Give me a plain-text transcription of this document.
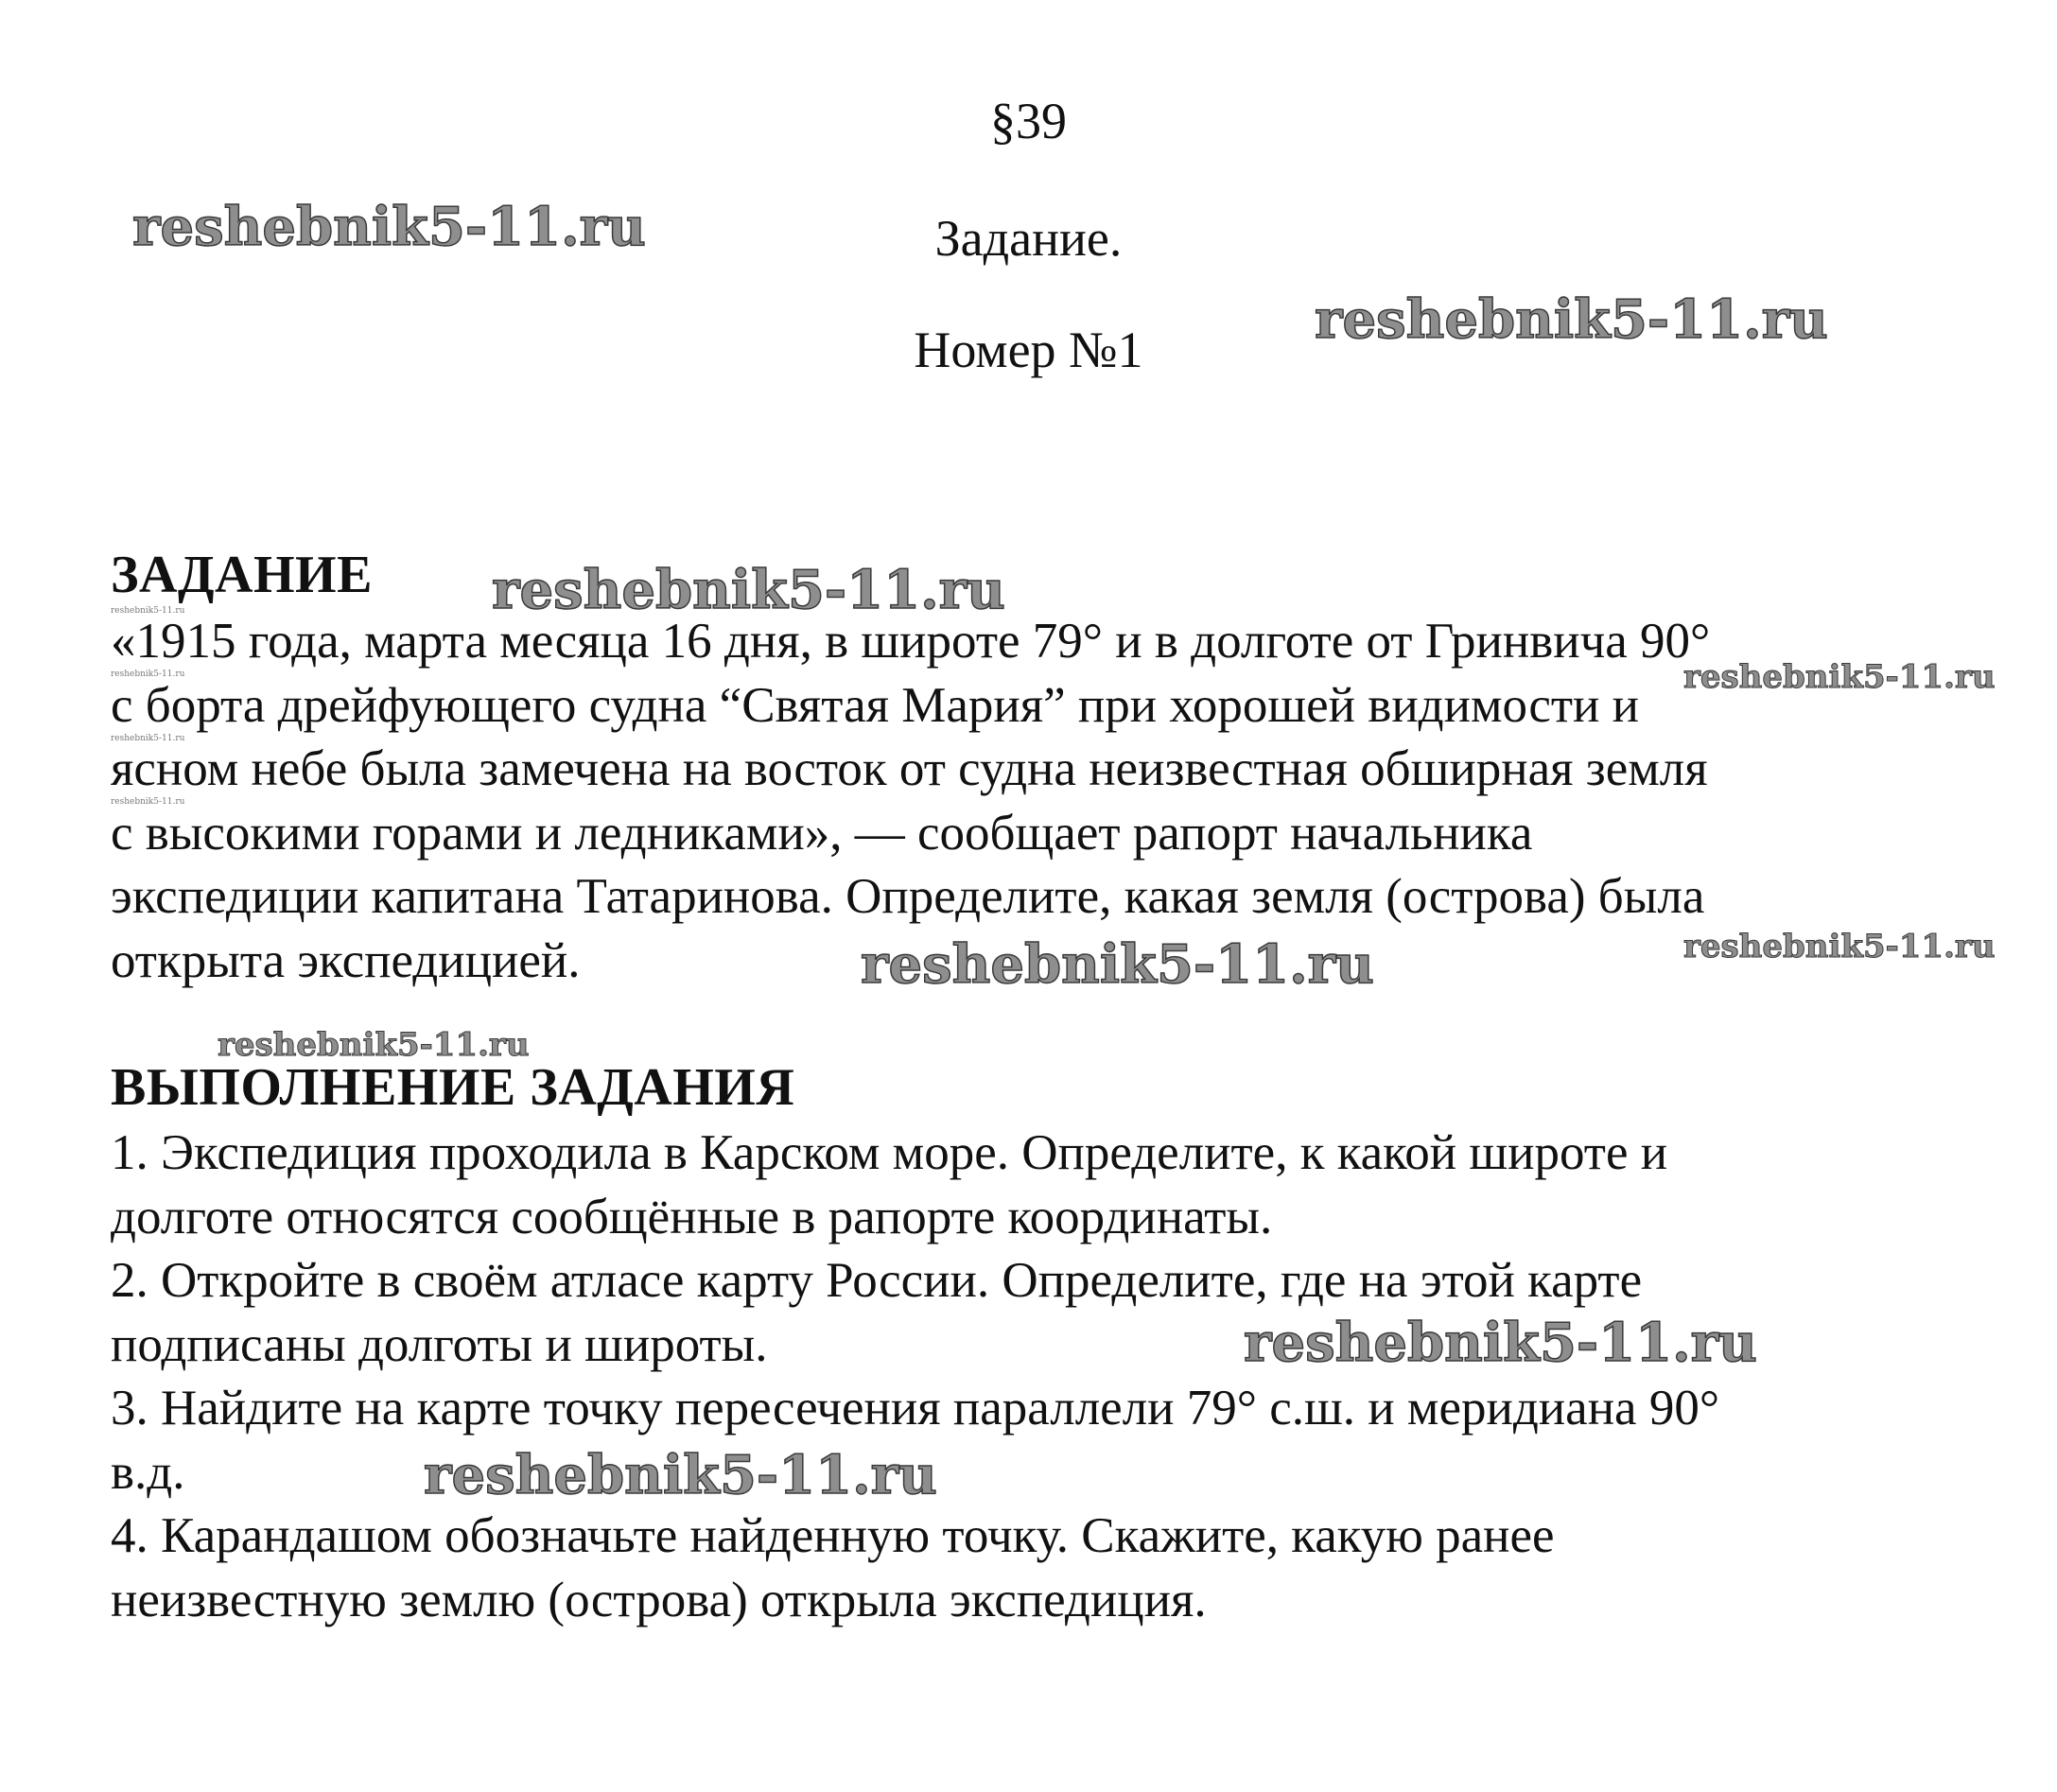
§39
Задание.
Номер №1
ЗАДАНИЕ
«1915 года, марта месяца 16 дня, в широте 79° и в долготе от Гринвича 90°
с борта дрейфующего судна “Святая Мария” при хорошей видимости и
ясном небе была замечена на восток от судна неизвестная обширная земля
с высокими горами и ледниками», — сообщает рапорт начальника
экспедиции капитана Татаринова. Определите, какая земля (острова) была
открыта экспедицией.
ВЫПОЛНЕНИЕ ЗАДАНИЯ
1. Экспедиция проходила в Карском море. Определите, к какой широте и
долготе относятся сообщённые в рапорте координаты.
2. Откройте в своём атласе карту России. Определите, где на этой карте
подписаны долготы и широты.
3. Найдите на карте точку пересечения параллели 79° с.ш. и меридиана 90°
в.д.
4. Карандашом обозначьте найденную точку. Скажите, какую ранее
неизвестную землю (острова) открыла экспедиция.
reshebnik5-11.ru
reshebnik5-11.ru
reshebnik5-11.ru
reshebnik5-11.ru
reshebnik5-11.ru	reshebnik5-11.ru
reshebnik5-11.ru
reshebnik5-11.ru
reshebnik5-11.ru
reshebnik5-11.ru
reshebnik5-11.ru
reshebnik5-11.ru
reshebnik5-11.ru
